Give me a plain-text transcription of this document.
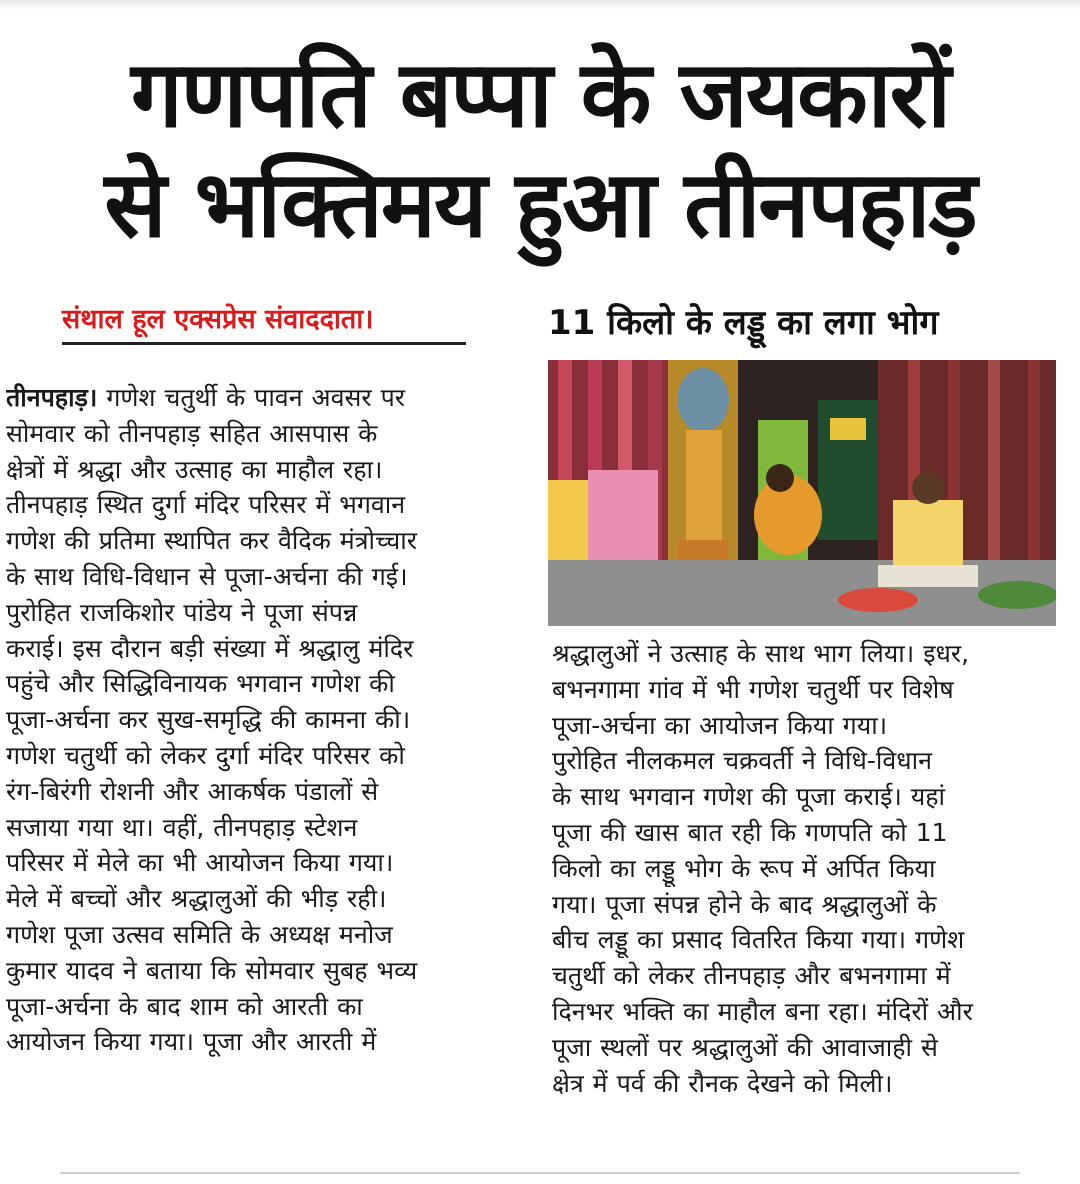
गणपति बप्पा के जयकारों
से भक्तिमय हुआ तीनपहाड़
संथाल हूल एक्सप्रेस संवाददाता।	11 किलो के लड्डू का लगा भोग
तीनपहाड़। गणेश चतुर्थी के पावन अवसर पर
सोमवार को तीनपहाड़ सहित आसपास के
क्षेत्रों में श्रद्धा और उत्साह का माहौल रहा।
तीनपहाड़ स्थित दुर्गा मंदिर परिसर में भगवान
गणेश की प्रतिमा स्थापित कर वैदिक मंत्रोच्चार
के साथ विधि-विधान से पूजा-अर्चना की गई।
पुरोहित राजकिशोर पांडेय ने पूजा संपन्न
कराई। इस दौरान बड़ी संख्या में श्रद्धालु मंदिर
पहुंचे और सिद्धिविनायक भगवान गणेश की
पूजा-अर्चना कर सुख-समृद्धि की कामना की।
गणेश चतुर्थी को लेकर दुर्गा मंदिर परिसर को
रंग-बिरंगी रोशनी और आकर्षक पंडालों से
सजाया गया था। वहीं, तीनपहाड़ स्टेशन
परिसर में मेले का भी आयोजन किया गया।
मेले में बच्चों और श्रद्धालुओं की भीड़ रही।
गणेश पूजा उत्सव समिति के अध्यक्ष मनोज
कुमार यादव ने बताया कि सोमवार सुबह भव्य
पूजा-अर्चना के बाद शाम को आरती का
आयोजन किया गया। पूजा और आरती में
श्रद्धालुओं ने उत्साह के साथ भाग लिया। इधर,
बभनगामा गांव में भी गणेश चतुर्थी पर विशेष
पूजा-अर्चना का आयोजन किया गया।
पुरोहित नीलकमल चक्रवर्ती ने विधि-विधान
के साथ भगवान गणेश की पूजा कराई। यहां
पूजा की खास बात रही कि गणपति को 11
किलो का लड्डू भोग के रूप में अर्पित किया
गया। पूजा संपन्न होने के बाद श्रद्धालुओं के
बीच लड्डू का प्रसाद वितरित किया गया। गणेश
चतुर्थी को लेकर तीनपहाड़ और बभनगामा में
दिनभर भक्ति का माहौल बना रहा। मंदिरों और
पूजा स्थलों पर श्रद्धालुओं की आवाजाही से
क्षेत्र में पर्व की रौनक देखने को मिली।
